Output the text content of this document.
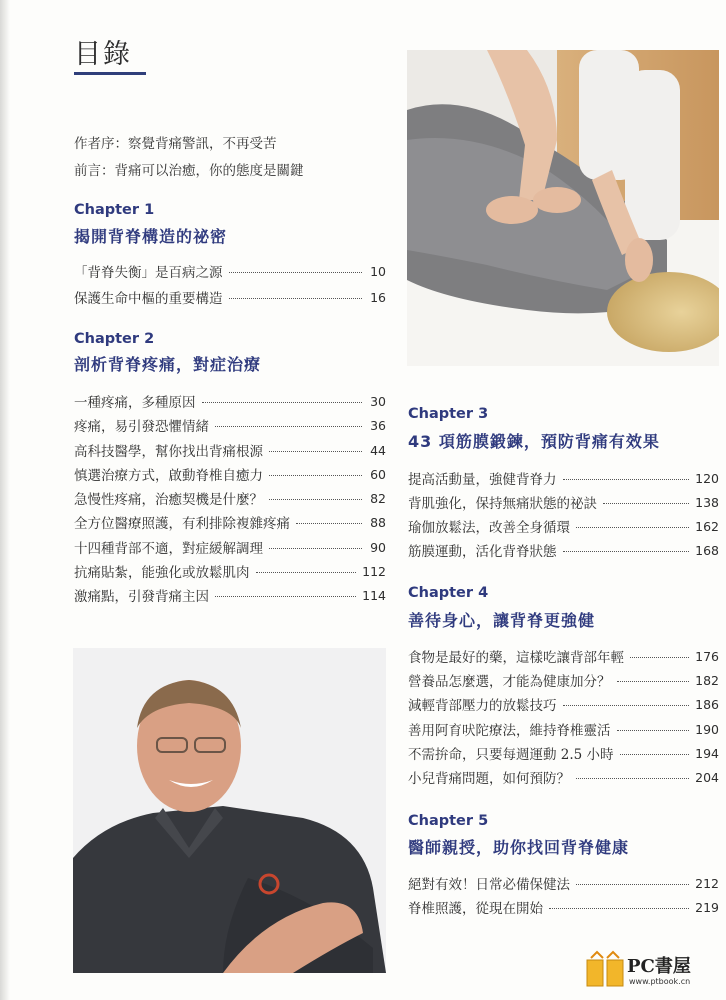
目錄
作者序：察覺背痛警訊，不再受苦
前言：背痛可以治癒，你的態度是關鍵
Chapter 1
揭開背脊構造的祕密
「背脊失衡」是百病之源	10
保護生命中樞的重要構造	16
Chapter 2
剖析背脊疼痛，對症治療
一種疼痛，多種原因	30
疼痛，易引發恐懼情緒	36
高科技醫學，幫你找出背痛根源	44
慎選治療方式，啟動脊椎自癒力	60
急慢性疼痛，治癒契機是什麼？	82
全方位醫療照護，有利排除複雜疼痛	88
十四種背部不適，對症緩解調理	90
抗痛貼紮，能強化或放鬆肌肉	112
激痛點，引發背痛主因	114
Chapter 3
43 項筋膜鍛鍊，預防背痛有效果
提高活動量，強健背脊力	120
背肌強化，保持無痛狀態的祕訣	138
瑜伽放鬆法，改善全身循環	162
筋膜運動，活化背脊狀態	168
Chapter 4
善待身心，讓背脊更強健
食物是最好的藥，這樣吃讓背部年輕	176
營養品怎麼選，才能為健康加分？	182
減輕背部壓力的放鬆技巧	186
善用阿育吠陀療法，維持脊椎靈活	190
不需拚命，只要每週運動 2.5 小時	194
小兒背痛問題，如何預防？	204
Chapter 5
醫師親授，助你找回背脊健康
絕對有效！日常必備保健法	212
脊椎照護，從現在開始	219
PC書屋
www.ptbook.cn
